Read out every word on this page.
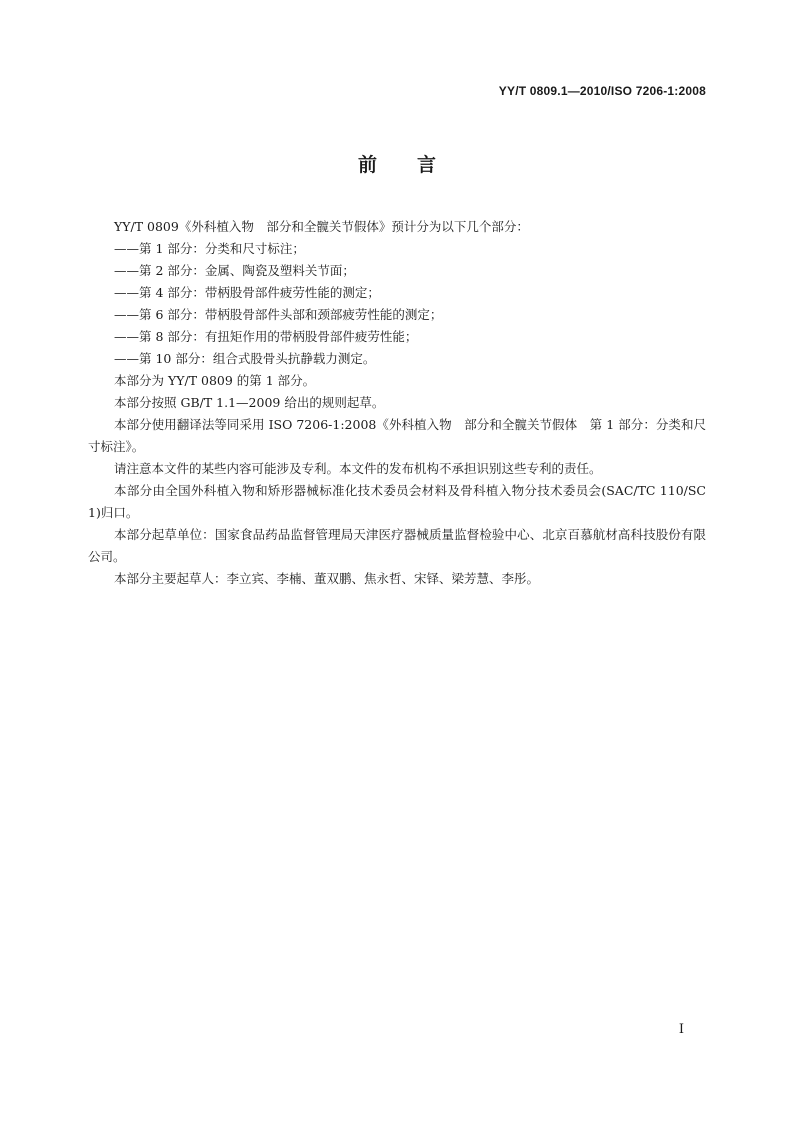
YY/T 0809.1—2010/ISO 7206-1:2008
前言

YY/T 0809《外科植入物　部分和全髋关节假体》预计分为以下几个部分：

——第 1 部分：分类和尺寸标注；

——第 2 部分：金属、陶瓷及塑料关节面；

——第 4 部分：带柄股骨部件疲劳性能的测定；

——第 6 部分：带柄股骨部件头部和颈部疲劳性能的测定；

——第 8 部分：有扭矩作用的带柄股骨部件疲劳性能；

——第 10 部分：组合式股骨头抗静载力测定。

本部分为 YY/T 0809 的第 1 部分。

本部分按照 GB/T 1.1—2009 给出的规则起草。

本部分使用翻译法等同采用 ISO 7206-1:2008《外科植入物　部分和全髋关节假体　第 1 部分：分类和尺寸标注》。

请注意本文件的某些内容可能涉及专利。本文件的发布机构不承担识别这些专利的责任。

本部分由全国外科植入物和矫形器械标准化技术委员会材料及骨科植入物分技术委员会(SAC/TC 110/SC 1)归口。

本部分起草单位：国家食品药品监督管理局天津医疗器械质量监督检验中心、北京百慕航材高科技股份有限公司。

本部分主要起草人：李立宾、李楠、董双鹏、焦永哲、宋铎、梁芳慧、李彤。

I
